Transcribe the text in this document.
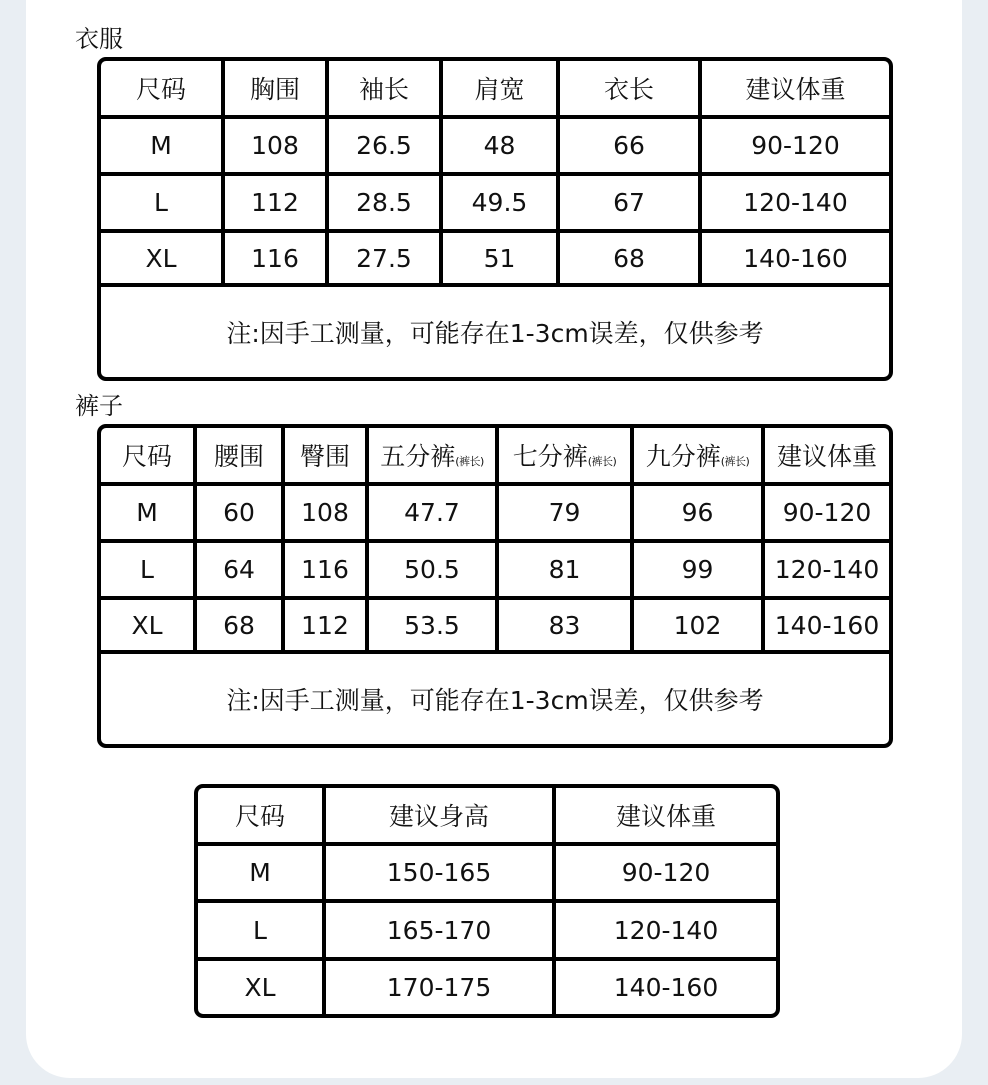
衣服
尺码	胸围	袖长	肩宽	衣长	建议体重
M	108	26.5	48	66	90-120
L	112	28.5	49.5	67	120-140
XL	116	27.5	51	68	140-160
注:因手工测量，可能存在1-3cm误差，仅供参考					
裤子
尺码	腰围	臀围	五分裤(裤长)	七分裤(裤长)	九分裤(裤长)	建议体重
M	60	108	47.7	79	96	90-120
L	64	116	50.5	81	99	120-140
XL	68	112	53.5	83	102	140-160
注:因手工测量，可能存在1-3cm误差，仅供参考						
尺码	建议身高	建议体重
M	150-165	90-120
L	165-170	120-140
XL	170-175	140-160
